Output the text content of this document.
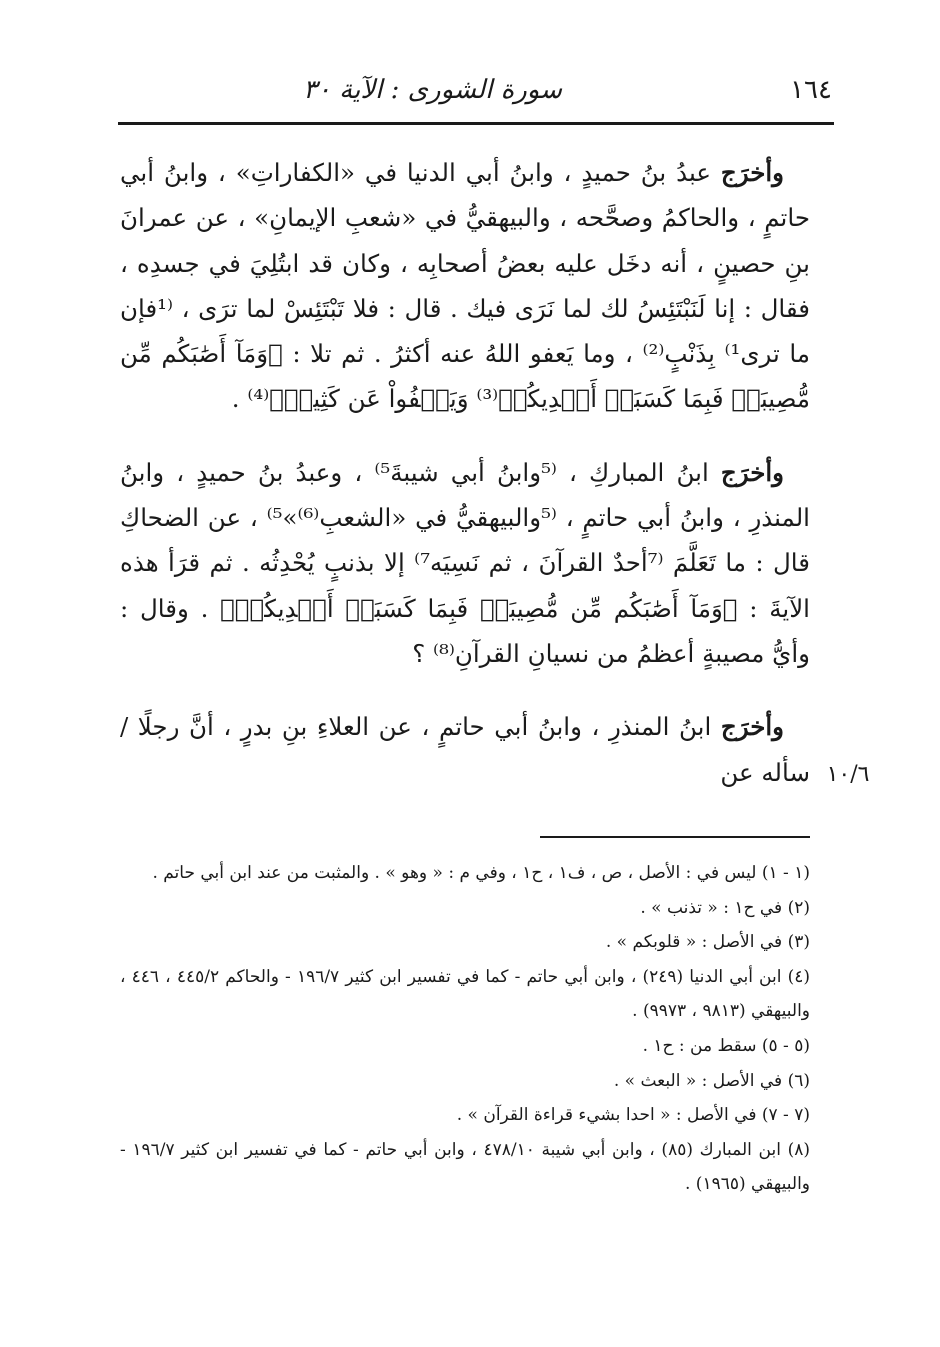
١٦٤
سورة الشورى : الآية ٣٠
١٠/٦

وأخرَج عبدُ بنُ حميدٍ ، وابنُ أبي الدنيا في «الكفاراتِ» ، وابنُ أبي حاتمٍ ، والحاكمُ وصحَّحه ، والبيهقيُّ في «شعبِ الإيمانِ» ، عن عمرانَ بنِ حصينٍ ، أنه دخَل عليه بعضُ أصحابِه ، وكان قد ابتُلِيَ في جسدِه ، فقال : إنا لَنَبْتَئِسُ لك لما نَرَى فيك . قال : فلا تَبْتَئِسْ لما ترَى ، ⁽¹فإن ما ترى¹⁾ بِذَنْبٍ⁽²⁾ ، وما يَعفو اللهُ عنه أكثرُ . ثم تلا : ﴿وَمَآ أَصَٰبَكُم مِّن مُّصِيبَةٖ فَبِمَا كَسَبَتۡ أَيۡدِيكُمۡ⁽³⁾ وَيَعۡفُواْ عَن كَثِيرٖ﴾⁽⁴⁾ .

وأخرَج ابنُ المباركِ ، ⁽⁵وابنُ أبي شيبةَ⁵⁾ ، وعبدُ بنُ حميدٍ ، وابنُ المنذرِ ، وابنُ أبي حاتمٍ ، ⁽⁵والبيهقيُّ في «الشعبِ⁽⁶⁾»⁵⁾ ، عن الضحاكِ قال : ما تَعَلَّمَ ⁽⁷أحدٌ القرآنَ ، ثم نَسِيَه⁷⁾ إلا بذنبٍ يُحْدِثُه . ثم قرَأ هذه الآيةَ : ﴿وَمَآ أَصَٰبَكُم مِّن مُّصِيبَةٖ فَبِمَا كَسَبَتۡ أَيۡدِيكُمۡ﴾ . وقال : وأيُّ مصيبةٍ أعظمُ من نسيانِ القرآنِ⁽⁸⁾ ؟

وأخرَج ابنُ المنذرِ ، وابنُ أبي حاتمٍ ، عن العلاءِ بنِ بدرٍ ، أنَّ رجلًا /سأله عن

(١ - ١) ليس في : الأصل ، ص ، ف١ ، ح١ ، وفي م : « وهو » . والمثبت من عند ابن أبي حاتم .

(٢) في ح١ : « تذنب » .

(٣) في الأصل : « قلوبكم » .

(٤) ابن أبي الدنيا (٢٤٩) ، وابن أبي حاتم - كما في تفسير ابن كثير ١٩٦/٧ - والحاكم ٤٤٥/٢ ، ٤٤٦ ، والبيهقي (٩٨١٣ ، ٩٩٧٣) .

(٥ - ٥) سقط من : ح١ .

(٦) في الأصل : « البعث » .

(٧ - ٧) في الأصل : « احدا بشيء قراءة القرآن » .

(٨) ابن المبارك (٨٥) ، وابن أبي شيبة ٤٧٨/١٠ ، وابن أبي حاتم - كما في تفسير ابن كثير ١٩٦/٧ - والبيهقي (١٩٦٥) .
